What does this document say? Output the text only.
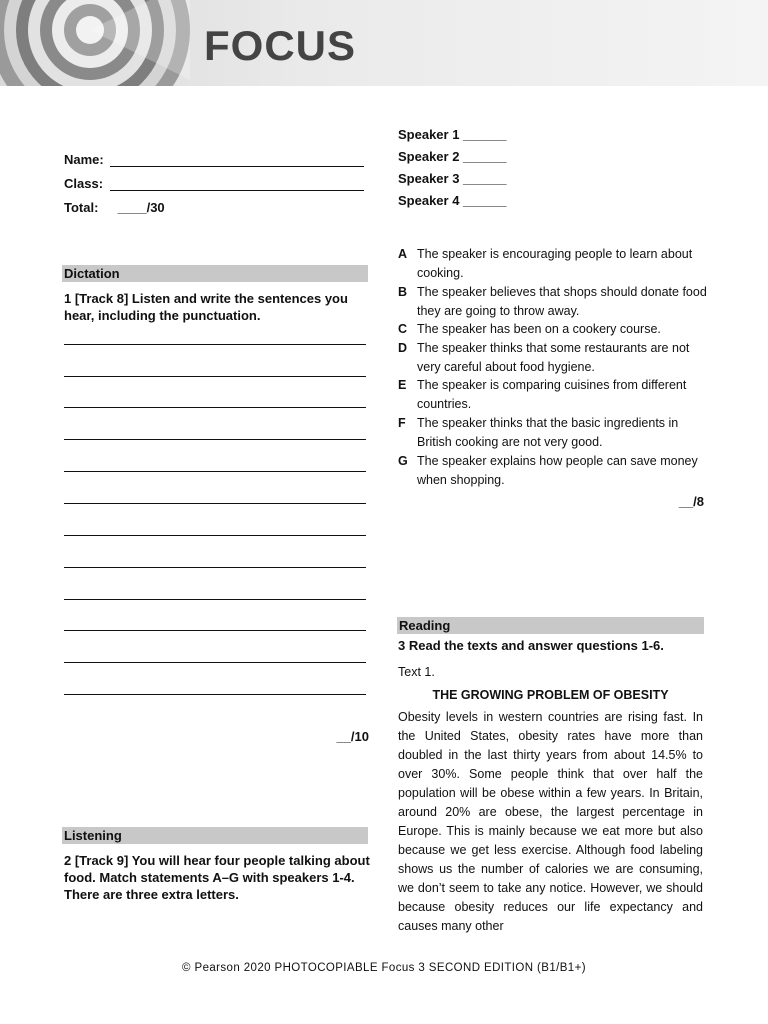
FOCUS
Name:
Class:
Total: ____/30
Dictation
1 [Track 8] Listen and write the sentences you hear, including the punctuation.
__/10
Listening
2 [Track 9] You will hear four people talking about food. Match statements A–G with speakers 1-4. There are three extra letters.
Speaker 1 ______
Speaker 2 ______
Speaker 3 ______
Speaker 4 ______
A The speaker is encouraging people to learn about cooking.
B The speaker believes that shops should donate food they are going to throw away.
C The speaker has been on a cookery course.
D The speaker thinks that some restaurants are not very careful about food hygiene.
E The speaker is comparing cuisines from different countries.
F The speaker thinks that the basic ingredients in British cooking are not very good.
G The speaker explains how people can save money when shopping.
__/8
Reading
3 Read the texts and answer questions 1-6.
Text 1.
THE GROWING PROBLEM OF OBESITY
Obesity levels in western countries are rising fast. In the United States, obesity rates have more than doubled in the last thirty years from about 14.5% to over 30%. Some people think that over half the population will be obese within a few years. In Britain, around 20% are obese, the largest percentage in Europe. This is mainly because we eat more but also because we get less exercise. Although food labeling shows us the number of calories we are consuming, we don’t seem to take any notice. However, we should because obesity reduces our life expectancy and causes many other
© Pearson 2020 PHOTOCOPIABLE Focus 3 SECOND EDITION (B1/B1+)
